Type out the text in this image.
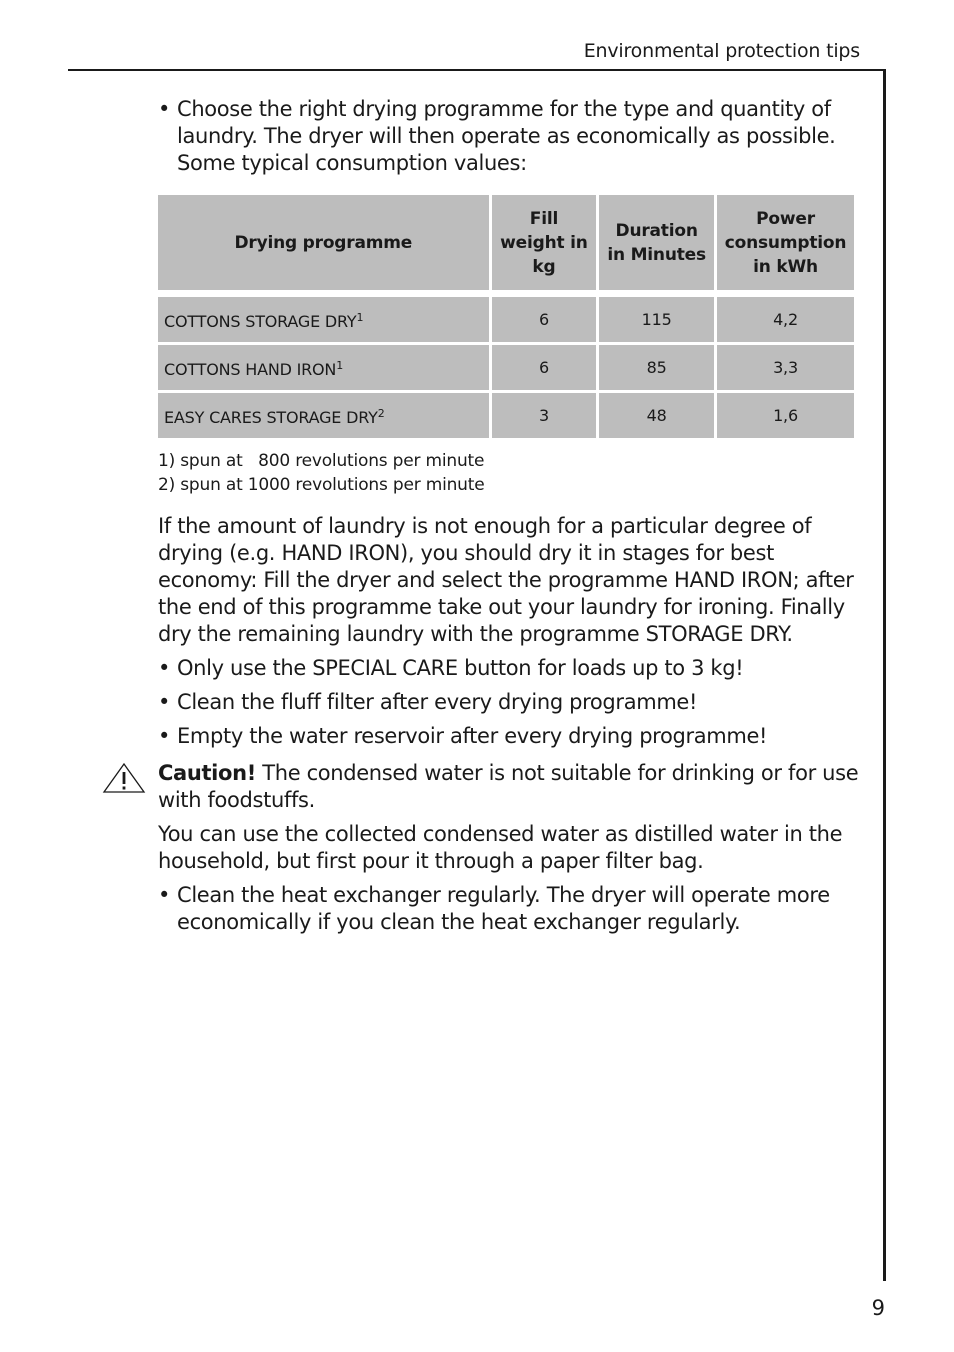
Environmental protection tips
• Choose the right drying programme for the type and quantity of laundry. The dryer will then operate as economically as possible. Some typical consumption values:
Drying programme	Fill weight in kg	Duration in Minutes	Power consumption in kWh
COTTONS STORAGE DRY$^1$	6	115	4,2
COTTONS HAND IRON$^1$	6	85	3,3
EASY CARES STORAGE DRY$^2$	3	48	1,6
1) spun at   800 revolutions per minute
2) spun at 1000 revolutions per minute

If the amount of laundry is not enough for a particular degree of drying (e.g. HAND IRON), you should dry it in stages for best economy: Fill the dryer and select the programme HAND IRON; after the end of this programme take out your laundry for ironing. Finally dry the remaining laundry with the programme STORAGE DRY.

• Only use the SPECIAL CARE button for loads up to 3 kg!
• Clean the fluff filter after every drying programme!
• Empty the water reservoir after every drying programme!
Caution! The condensed water is not suitable for drinking or for use with foodstuffs.

You can use the collected condensed water as distilled water in the household, but first pour it through a paper filter bag.

• Clean the heat exchanger regularly. The dryer will operate more economically if you clean the heat exchanger regularly.
9
